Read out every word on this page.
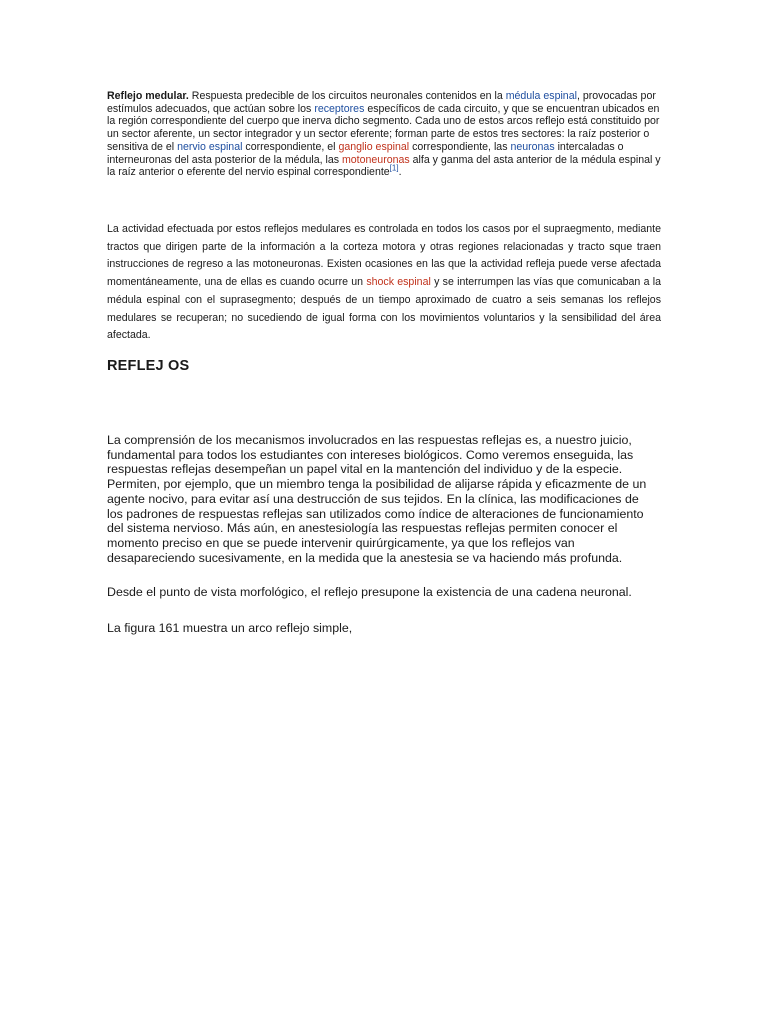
Reflejo medular. Respuesta predecible de los circuitos neuronales contenidos en la médula espinal, provocadas por estímulos adecuados, que actúan sobre los receptores específicos de cada circuito, y que se encuentran ubicados en la región correspondiente del cuerpo que inerva dicho segmento. Cada uno de estos arcos reflejo está constituido por un sector aferente, un sector integrador y un sector eferente; forman parte de estos tres sectores: la raíz posterior o sensitiva de el nervio espinal correspondiente, el ganglio espinal correspondiente, las neuronas intercaladas o interneuronas del asta posterior de la médula, las motoneuronas alfa y ganma del asta anterior de la médula espinal y la raíz anterior o eferente del nervio espinal correspondiente[1].

La actividad efectuada por estos reflejos medulares es controlada en todos los casos por el supraegmento, mediante tractos que dirigen parte de la información a la corteza motora y otras regiones relacionadas y tracto sque traen instrucciones de regreso a las motoneuronas. Existen ocasiones en las que la actividad refleja puede verse afectada momentáneamente, una de ellas es cuando ocurre un shock espinal y se interrumpen las vías que comunicaban a la médula espinal con el suprasegmento; después de un tiempo aproximado de cuatro a seis semanas los reflejos medulares se recuperan; no sucediendo de igual forma con los movimientos voluntarios y la sensibilidad del área afectada.

REFLEJ OS

La comprensión de los mecanismos involucrados en las respuestas reflejas es, a nuestro juicio, fundamental para todos los estudiantes con intereses biológicos. Como veremos enseguida, las respuestas reflejas desempeñan un papel vital en la mantención del individuo y de la especie. Permiten, por ejemplo, que un miembro tenga la posibilidad de alijarse rápida y eficazmente de un agente nocivo, para evitar así una destrucción de sus tejidos. En la clínica, las modificaciones de los padrones de respuestas reflejas san utilizados como índice de alteraciones de funcionamiento del sistema nervioso. Más aún, en anestesiología las respuestas reflejas permiten conocer el momento preciso en que se puede intervenir quirúrgicamente, ya que los reflejos van desapareciendo sucesivamente, en la medida que la anestesia se va haciendo más profunda.

Desde el punto de vista morfológico, el reflejo presupone la existencia de una cadena neuronal.

La figura 161 muestra un arco reflejo simple,
